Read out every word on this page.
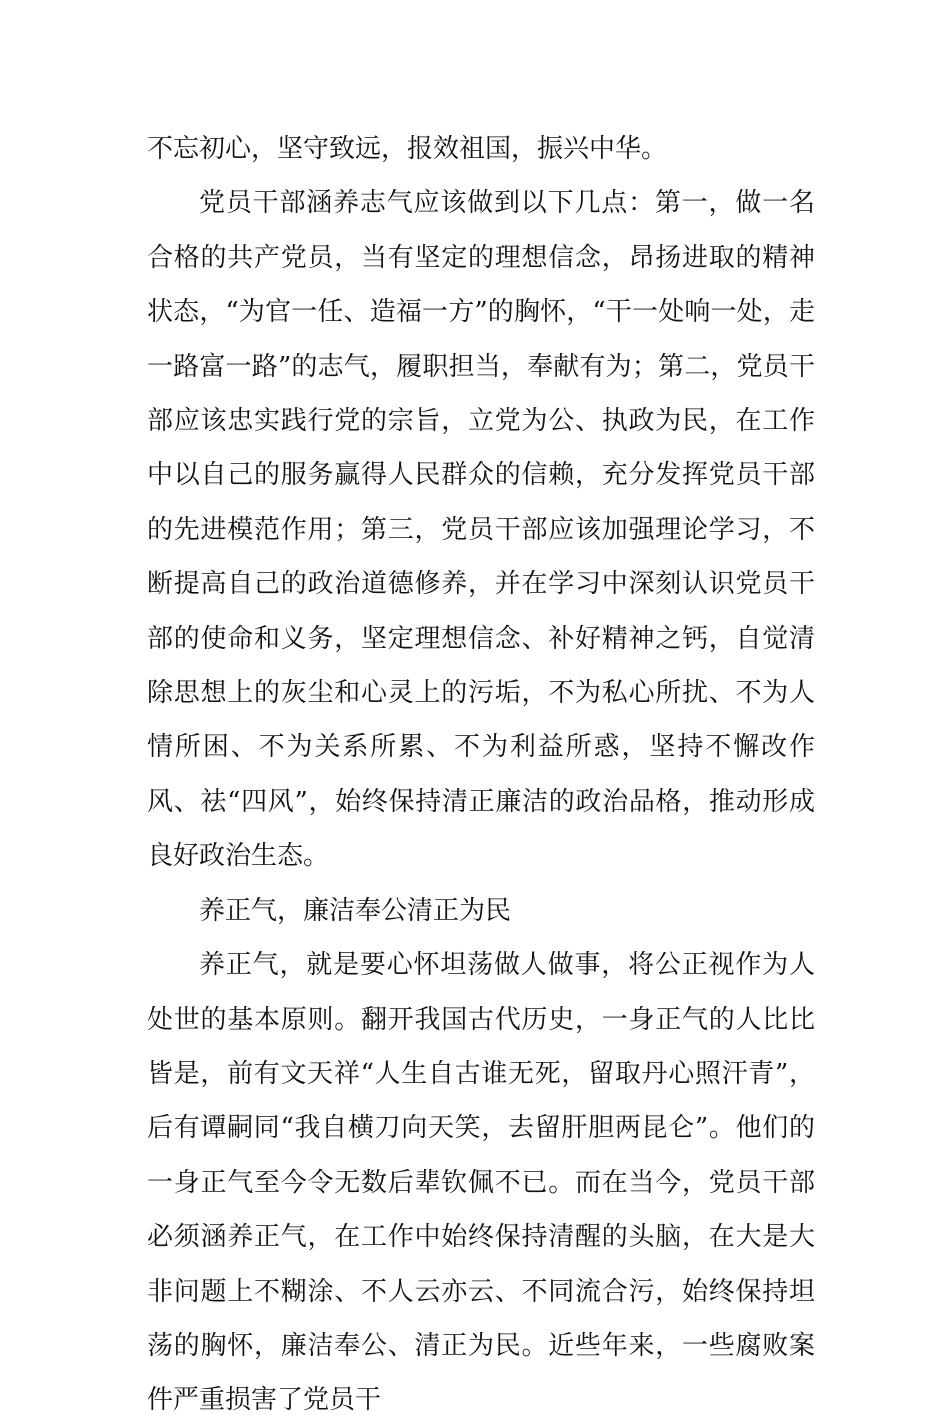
不忘初心，坚守致远，报效祖国，振兴中华。

党员干部涵养志气应该做到以下几点：第一，做一名合格的共产党员，当有坚定的理想信念，昂扬进取的精神状态，“为官一任、造福一方”的胸怀，“干一处响一处，走一路富一路”的志气，履职担当，奉献有为；第二，党员干部应该忠实践行党的宗旨，立党为公、执政为民，在工作中以自己的服务赢得人民群众的信赖，充分发挥党员干部的先进模范作用；第三，党员干部应该加强理论学习，不断提高自己的政治道德修养，并在学习中深刻认识党员干部的使命和义务，坚定理想信念、补好精神之钙，自觉清除思想上的灰尘和心灵上的污垢，不为私心所扰、不为人情所困、不为关系所累、不为利益所惑，坚持不懈改作风、祛“四风”，始终保持清正廉洁的政治品格，推动形成良好政治生态。

养正气，廉洁奉公清正为民

养正气，就是要心怀坦荡做人做事，将公正视作为人处世的基本原则。翻开我国古代历史，一身正气的人比比皆是，前有文天祥“人生自古谁无死，留取丹心照汗青”，后有谭嗣同“我自横刀向天笑，去留肝胆两昆仑”。他们的一身正气至今令无数后辈钦佩不已。而在当今，党员干部必须涵养正气，在工作中始终保持清醒的头脑，在大是大非问题上不糊涂、不人云亦云、不同流合污，始终保持坦荡的胸怀，廉洁奉公、清正为民。近些年来，一些腐败案件严重损害了党员干
